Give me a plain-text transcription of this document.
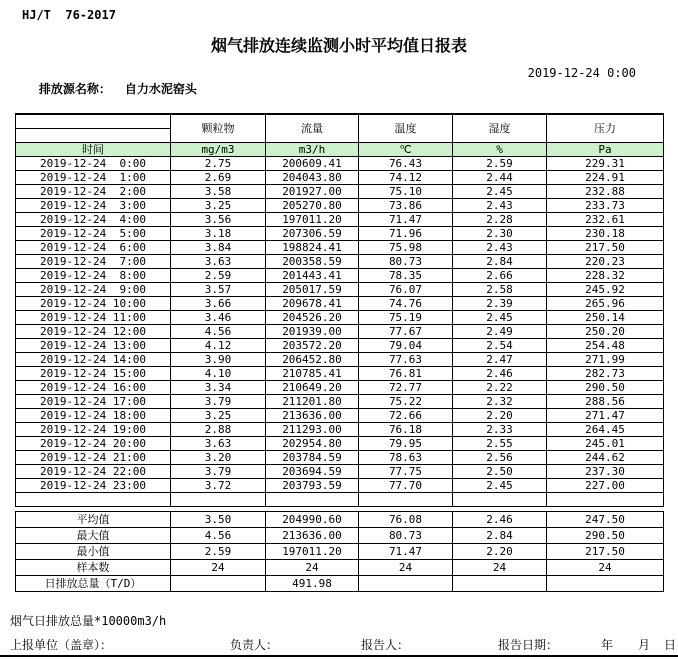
HJ/T  76-2017
烟气排放连续监测小时平均值日报表

排放源名称： 自力水泥窑头

2019-12-24 0:00
	颗粒物	流量	温度	湿度	压力

时间	mg/m3	m3/h	℃	%	Pa
2019-12-24  0:00	2.75	200609.41	76.43	2.59	229.31
2019-12-24  1:00	2.69	204043.80	74.12	2.44	224.91
2019-12-24  2:00	3.58	201927.00	75.10	2.45	232.88
2019-12-24  3:00	3.25	205270.80	73.86	2.43	233.73
2019-12-24  4:00	3.56	197011.20	71.47	2.28	232.61
2019-12-24  5:00	3.18	207306.59	71.96	2.30	230.18
2019-12-24  6:00	3.84	198824.41	75.98	2.43	217.50
2019-12-24  7:00	3.63	200358.59	80.73	2.84	220.23
2019-12-24  8:00	2.59	201443.41	78.35	2.66	228.32
2019-12-24  9:00	3.57	205017.59	76.07	2.58	245.92
2019-12-24 10:00	3.66	209678.41	74.76	2.39	265.96
2019-12-24 11:00	3.46	204526.20	75.19	2.45	250.14
2019-12-24 12:00	4.56	201939.00	77.67	2.49	250.20
2019-12-24 13:00	4.12	203572.20	79.04	2.54	254.48
2019-12-24 14:00	3.90	206452.80	77.63	2.47	271.99
2019-12-24 15:00	4.10	210785.41	76.81	2.46	282.73
2019-12-24 16:00	3.34	210649.20	72.77	2.22	290.50
2019-12-24 17:00	3.79	211201.80	75.22	2.32	288.56
2019-12-24 18:00	3.25	213636.00	72.66	2.20	271.47
2019-12-24 19:00	2.88	211293.00	76.18	2.33	264.45
2019-12-24 20:00	3.63	202954.80	79.95	2.55	245.01
2019-12-24 21:00	3.20	203784.59	78.63	2.56	244.62
2019-12-24 22:00	3.79	203694.59	77.75	2.50	237.30
2019-12-24 23:00	3.72	203793.59	77.70	2.45	227.00

平均值	3.50	204990.60	76.08	2.46	247.50
最大值	4.56	213636.00	80.73	2.84	290.50
最小值	2.59	197011.20	71.47	2.20	217.50
样本数	24	24	24	24	24
日排放总量（T/D）		491.98			
烟气日排放总量*10000m3/h
上报单位（盖章）：	负责人：	报告人：	报告日期：	年 月 日
